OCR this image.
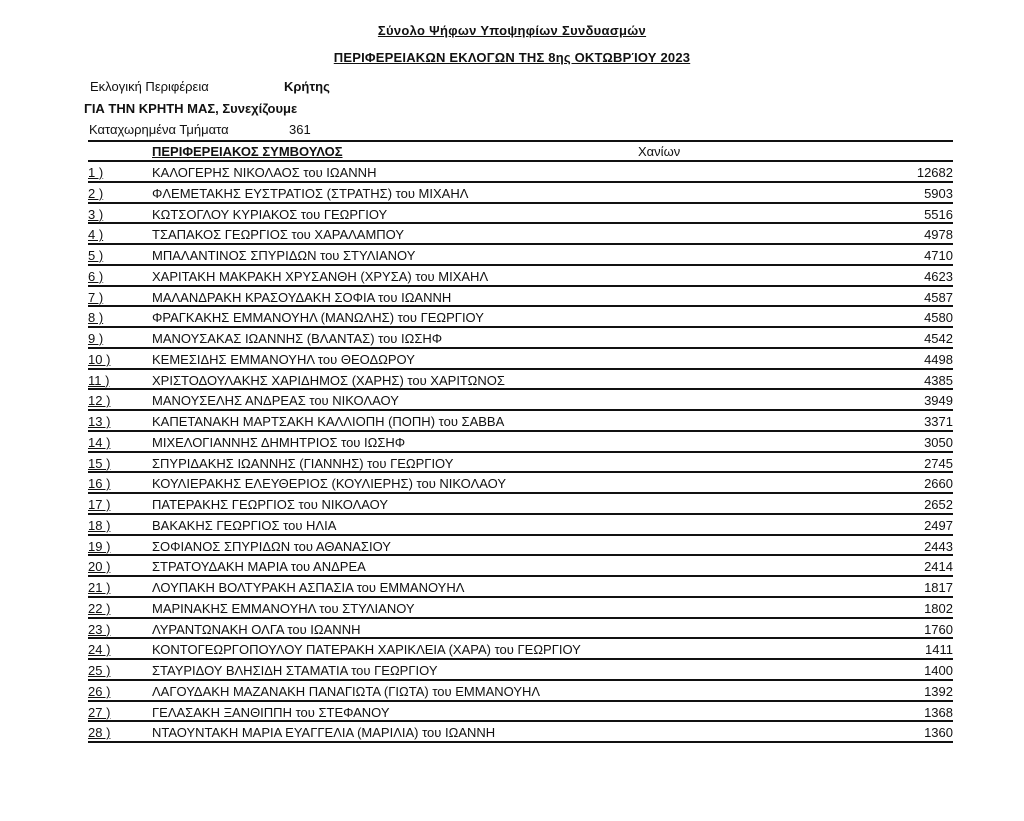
Σύνολο Ψήφων Υποψηφίων Συνδυασμών
ΠΕΡΙΦΕΡΕΙΑΚΩΝ ΕΚΛΟΓΩΝ ΤΗΣ 8ης ΟΚΤΩΒΡΊΟΥ 2023
Εκλογική Περιφέρεια	Κρήτης
ΓΙΑ ΤΗΝ ΚΡΗΤΗ ΜΑΣ, Συνεχίζουμε
Καταχωρημένα Τμήματα	361
ΠΕΡΙΦΕΡΕΙΑΚΟΣ ΣΥΜΒΟΥΛΟΣ	Χανίων
1 )	ΚΑΛΟΓΕΡΗΣ ΝΙΚΟΛΑΟΣ του ΙΩΑΝΝΗ	12682
2 )	ΦΛΕΜΕΤΑΚΗΣ ΕΥΣΤΡΑΤΙΟΣ (ΣΤΡΑΤΗΣ) του ΜΙΧΑΗΛ	5903
3 )	ΚΩΤΣΟΓΛΟΥ ΚΥΡΙΑΚΟΣ του ΓΕΩΡΓΙΟΥ	5516
4 )	ΤΣΑΠΑΚΟΣ ΓΕΩΡΓΙΟΣ του ΧΑΡΑΛΑΜΠΟΥ	4978
5 )	ΜΠΑΛΑΝΤΙΝΟΣ ΣΠΥΡΙΔΩΝ του ΣΤΥΛΙΑΝΟΥ	4710
6 )	ΧΑΡΙΤΑΚΗ ΜΑΚΡΑΚΗ ΧΡΥΣΑΝΘΗ (ΧΡΥΣΑ) του ΜΙΧΑΗΛ	4623
7 )	ΜΑΛΑΝΔΡΑΚΗ ΚΡΑΣΟΥΔΑΚΗ ΣΟΦΙΑ του ΙΩΑΝΝΗ	4587
8 )	ΦΡΑΓΚΑΚΗΣ ΕΜΜΑΝΟΥΗΛ (ΜΑΝΩΛΗΣ) του ΓΕΩΡΓΙΟΥ	4580
9 )	ΜΑΝΟΥΣΑΚΑΣ ΙΩΑΝΝΗΣ (ΒΛΑΝΤΑΣ) του ΙΩΣΗΦ	4542
10 )	ΚΕΜΕΣΙΔΗΣ ΕΜΜΑΝΟΥΗΛ του ΘΕΟΔΩΡΟΥ	4498
11 )	ΧΡΙΣΤΟΔΟΥΛΑΚΗΣ ΧΑΡΙΔΗΜΟΣ (ΧΑΡΗΣ) του ΧΑΡΙΤΩΝΟΣ	4385
12 )	ΜΑΝΟΥΣΕΛΗΣ ΑΝΔΡΕΑΣ του ΝΙΚΟΛΑΟΥ	3949
13 )	ΚΑΠΕΤΑΝΑΚΗ ΜΑΡΤΣΑΚΗ ΚΑΛΛΙΟΠΗ (ΠΟΠΗ) του ΣΑΒΒΑ	3371
14 )	ΜΙΧΕΛΟΓΙΑΝΝΗΣ ΔΗΜΗΤΡΙΟΣ του ΙΩΣΗΦ	3050
15 )	ΣΠΥΡΙΔΑΚΗΣ ΙΩΑΝΝΗΣ (ΓΙΑΝΝΗΣ) του ΓΕΩΡΓΙΟΥ	2745
16 )	ΚΟΥΛΙΕΡΑΚΗΣ ΕΛΕΥΘΕΡΙΟΣ (ΚΟΥΛΙΕΡΗΣ) του ΝΙΚΟΛΑΟΥ	2660
17 )	ΠΑΤΕΡΑΚΗΣ ΓΕΩΡΓΙΟΣ του ΝΙΚΟΛΑΟΥ	2652
18 )	ΒΑΚΑΚΗΣ ΓΕΩΡΓΙΟΣ του ΗΛΙΑ	2497
19 )	ΣΟΦΙΑΝΟΣ ΣΠΥΡΙΔΩΝ του ΑΘΑΝΑΣΙΟΥ	2443
20 )	ΣΤΡΑΤΟΥΔΑΚΗ ΜΑΡΙΑ του ΑΝΔΡΕΑ	2414
21 )	ΛΟΥΠΑΚΗ ΒΟΛΤΥΡΑΚΗ ΑΣΠΑΣΙΑ του ΕΜΜΑΝΟΥΗΛ	1817
22 )	ΜΑΡΙΝΑΚΗΣ ΕΜΜΑΝΟΥΗΛ του ΣΤΥΛΙΑΝΟΥ	1802
23 )	ΛΥΡΑΝΤΩΝΑΚΗ ΟΛΓΑ του ΙΩΑΝΝΗ	1760
24 )	ΚΟΝΤΟΓΕΩΡΓΟΠΟΥΛΟΥ ΠΑΤΕΡΑΚΗ ΧΑΡΙΚΛΕΙΑ (ΧΑΡΑ) του ΓΕΩΡΓΙΟΥ	1411
25 )	ΣΤΑΥΡΙΔΟΥ ΒΛΗΣΙΔΗ ΣΤΑΜΑΤΙΑ του ΓΕΩΡΓΙΟΥ	1400
26 )	ΛΑΓΟΥΔΑΚΗ ΜΑΖΑΝΑΚΗ ΠΑΝΑΓΙΩΤΑ (ΓΙΩΤΑ) του ΕΜΜΑΝΟΥΗΛ	1392
27 )	ΓΕΛΑΣΑΚΗ ΞΑΝΘΙΠΠΗ του ΣΤΕΦΑΝΟΥ	1368
28 )	ΝΤΑΟΥΝΤΑΚΗ ΜΑΡΙΑ ΕΥΑΓΓΕΛΙΑ (ΜΑΡΙΛΙΑ) του ΙΩΑΝΝΗ	1360
